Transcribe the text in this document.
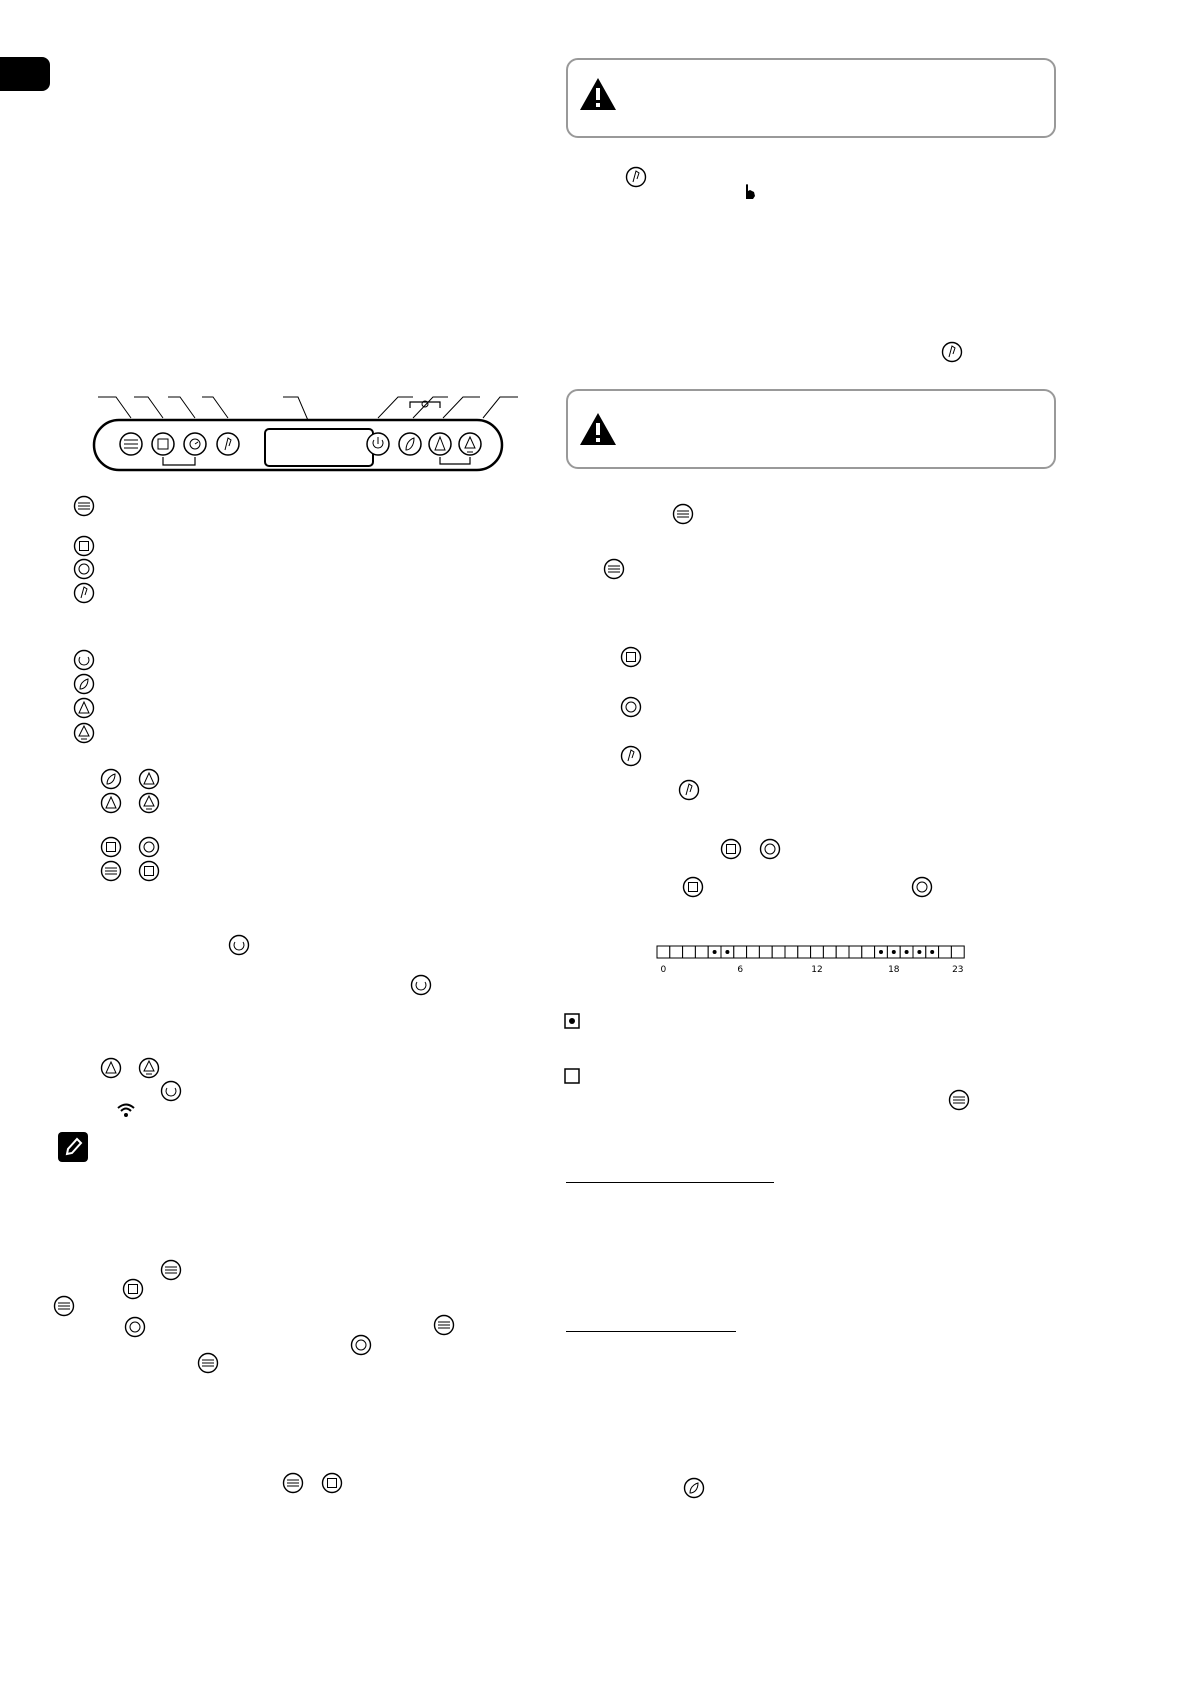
0	6	12	18	23
